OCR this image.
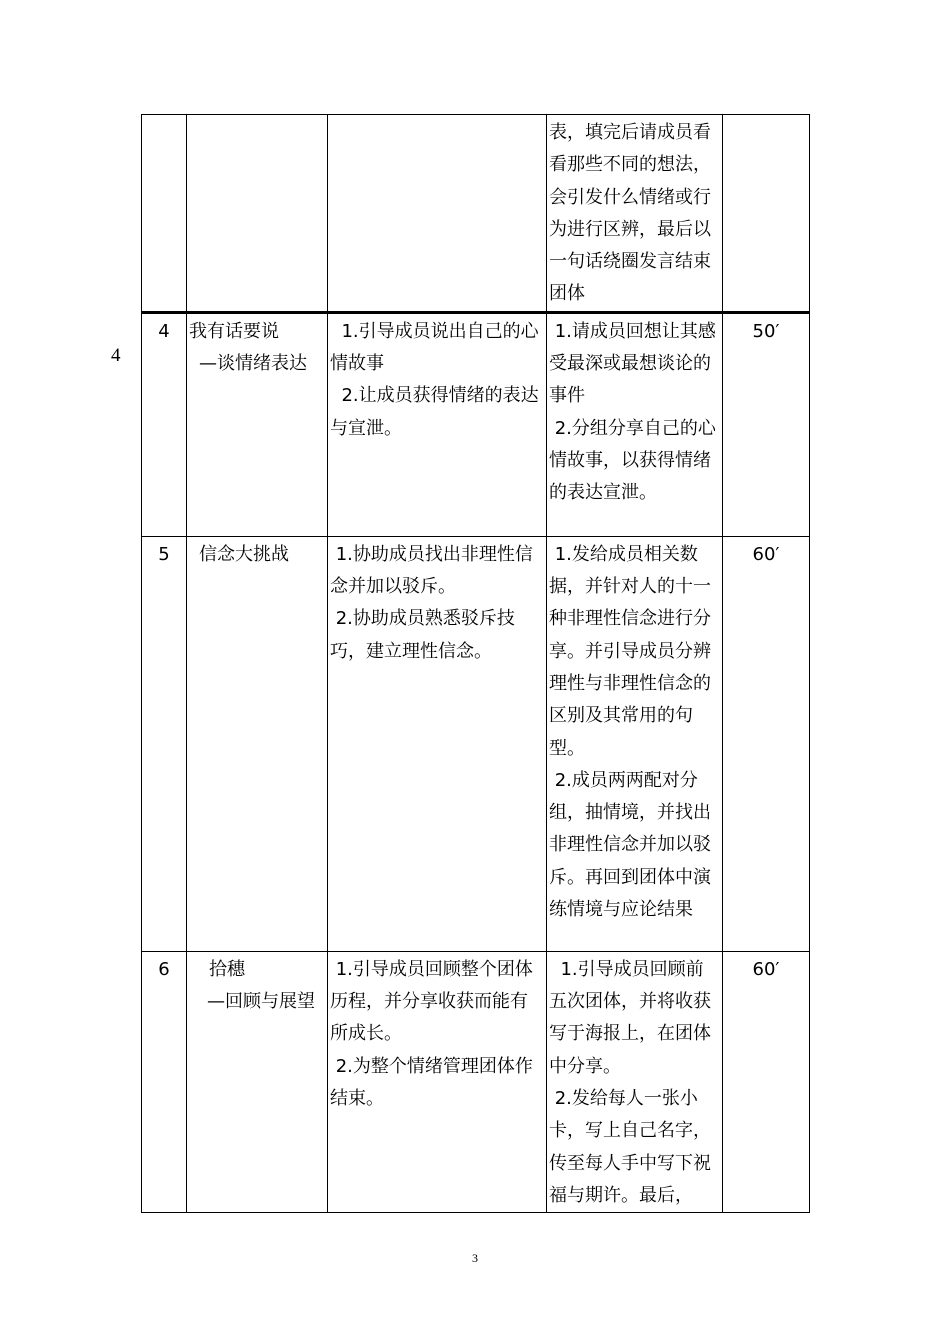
4

			表，填完后请成员看看那些不同的想法，会引发什么情绪或行为进行区辨，最后以一句话绕圈发言结束团体	

4	我有话要说
—谈情绪表达	1.引导成员说出自己的心情故事
2.让成员获得情绪的表达与宣泄。	1.请成员回想让其感受最深或最想谈论的事件
2.分组分享自己的心情故事，以获得情绪的表达宣泄。	50′
5	信念大挑战	1.协助成员找出非理性信念并加以驳斥。
2.协助成员熟悉驳斥技巧，建立理性信念。	1.发给成员相关数据，并针对人的十一种非理性信念进行分享。并引导成员分辨理性与非理性信念的区别及其常用的句型。
2.成员两两配对分组，抽情境，并找出非理性信念并加以驳斥。再回到团体中演练情境与应论结果	60′
6	拾穗
—回顾与展望	1.引导成员回顾整个团体历程，并分享收获而能有所成长。
2.为整个情绪管理团体作结束。	1.引导成员回顾前五次团体，并将收获写于海报上，在团体中分享。
2.发给每人一张小卡，写上自己名字，传至每人手中写下祝福与期许。最后，	60′
3
